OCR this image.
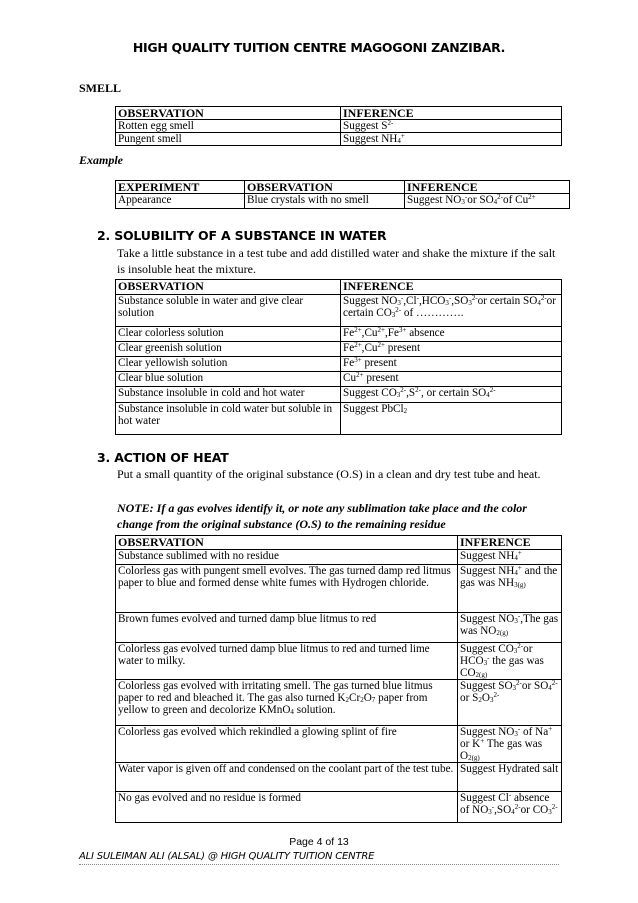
HIGH QUALITY TUITION CENTRE MAGOGONI ZANZIBAR.
SMELL
OBSERVATION	INFERENCE
Rotten egg smell	Suggest $S^{2-}$
Pungent smell	Suggest NH4+
Example
EXPERIMENT	OBSERVATION	INFERENCE
Appearance	Blue crystals with no smell	Suggest NO3-or $SO4^{2-}of$ $Cu^{2+}$
2. SOLUBILITY OF A SUBSTANCE IN WATER
Take a little substance in a test tube and add distilled water and shake the mixture if the salt is insoluble heat the mixture.
OBSERVATION	INFERENCE
Substance soluble in water and give clear solution	Suggest $NO3^-,Cl^-,HCO3^-,SO3^{2-}or$ certain $SO4^{2-}or$ certain $CO3^{2-}$ of ………….
Clear colorless solution	$Fe^{2+},Cu^{2+},Fe^{3+}$ absence
Clear greenish solution	$Fe^{2+},Cu^{2+}$ present
Clear yellowish solution	$Fe^{3+}$ present
Clear blue solution	$Cu^{2+}$ present
Substance insoluble in cold and hot water	Suggest $CO3^{2-},S^{2-}$, or certain $SO4^{2-}$
Substance insoluble in cold water but soluble in hot water	Suggest PbCl2
3. ACTION OF HEAT
Put a small quantity of the original substance (O.S) in a clean and dry test tube and heat.
NOTE: If a gas evolves identify it, or note any sublimation take place and the color change from the original substance (O.S) to the remaining residue
OBSERVATION	INFERENCE
Substance sublimed with no residue	Suggest NH4+
Colorless gas with pungent smell evolves. The gas turned damp red litmus paper to blue and formed dense white fumes with Hydrogen chloride.	Suggest NH4+ and the gas was NH3(g)
Brown fumes evolved and turned damp blue litmus to red	Suggest NO3-,The gas was NO2(g)
Colorless gas evolved turned damp blue litmus to red and turned lime water to milky.	Suggest $CO3^{2-}or$ HCO3- the gas was CO2(g)
Colorless gas evolved with irritating smell. The gas turned blue litmus paper to red and bleached it. The gas also turned K2Cr2O7 paper from yellow to green and decolorize KMnO4 solution.	Suggest $SO3^{2-}or$ $SO4^{2-}or$ $S2O3^{2-}$
Colorless gas evolved which rekindled a glowing splint of fire	Suggest NO3- of Na+ or K+ The gas was O2(g)
Water vapor is given off and condensed on the coolant part of the test tube.	Suggest Hydrated salt
No gas evolved and no residue is formed	Suggest Cl- absence of $NO3^-,SO4^{2-}or$ $CO3^{2-}$
Page 4 of 13
ALI SULEIMAN ALI (ALSAL) @ HIGH QUALITY TUITION CENTRE
